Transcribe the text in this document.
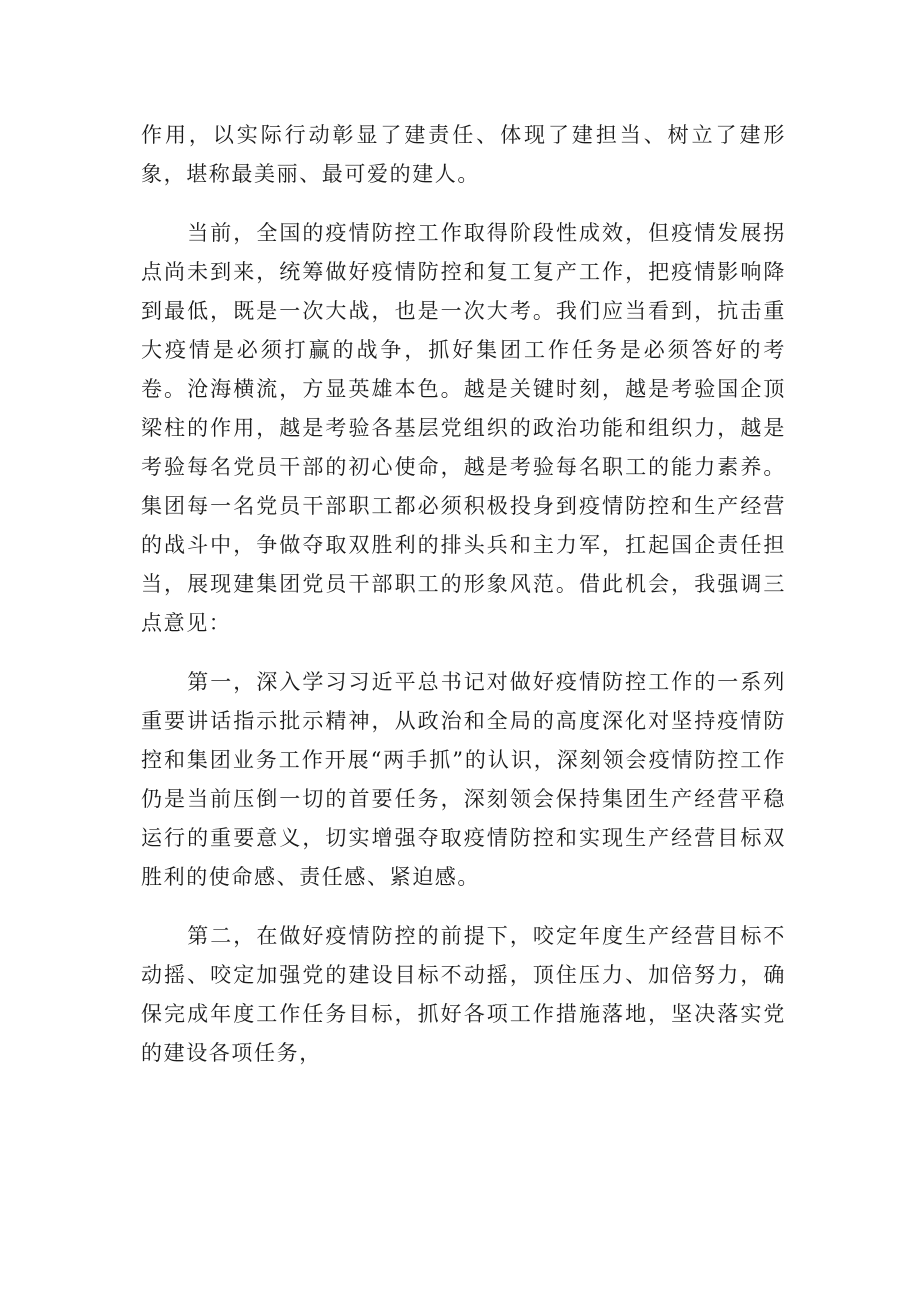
作用，以实际行动彰显了建责任、体现了建担当、树立了建形象，堪称最美丽、最可爱的建人。

当前，全国的疫情防控工作取得阶段性成效，但疫情发展拐点尚未到来，统筹做好疫情防控和复工复产工作，把疫情影响降到最低，既是一次大战，也是一次大考。我们应当看到，抗击重大疫情是必须打赢的战争，抓好集团工作任务是必须答好的考卷。沧海横流，方显英雄本色。越是关键时刻，越是考验国企顶梁柱的作用，越是考验各基层党组织的政治功能和组织力，越是考验每名党员干部的初心使命，越是考验每名职工的能力素养。集团每一名党员干部职工都必须积极投身到疫情防控和生产经营的战斗中，争做夺取双胜利的排头兵和主力军，扛起国企责任担当，展现建集团党员干部职工的形象风范。借此机会，我强调三点意见：

第一，深入学习习近平总书记对做好疫情防控工作的一系列重要讲话指示批示精神，从政治和全局的高度深化对坚持疫情防控和集团业务工作开展“两手抓”的认识，深刻领会疫情防控工作仍是当前压倒一切的首要任务，深刻领会保持集团生产经营平稳运行的重要意义，切实增强夺取疫情防控和实现生产经营目标双胜利的使命感、责任感、紧迫感。

第二，在做好疫情防控的前提下，咬定年度生产经营目标不动摇、咬定加强党的建设目标不动摇，顶住压力、加倍努力，确保完成年度工作任务目标，抓好各项工作措施落地，坚决落实党的建设各项任务，
